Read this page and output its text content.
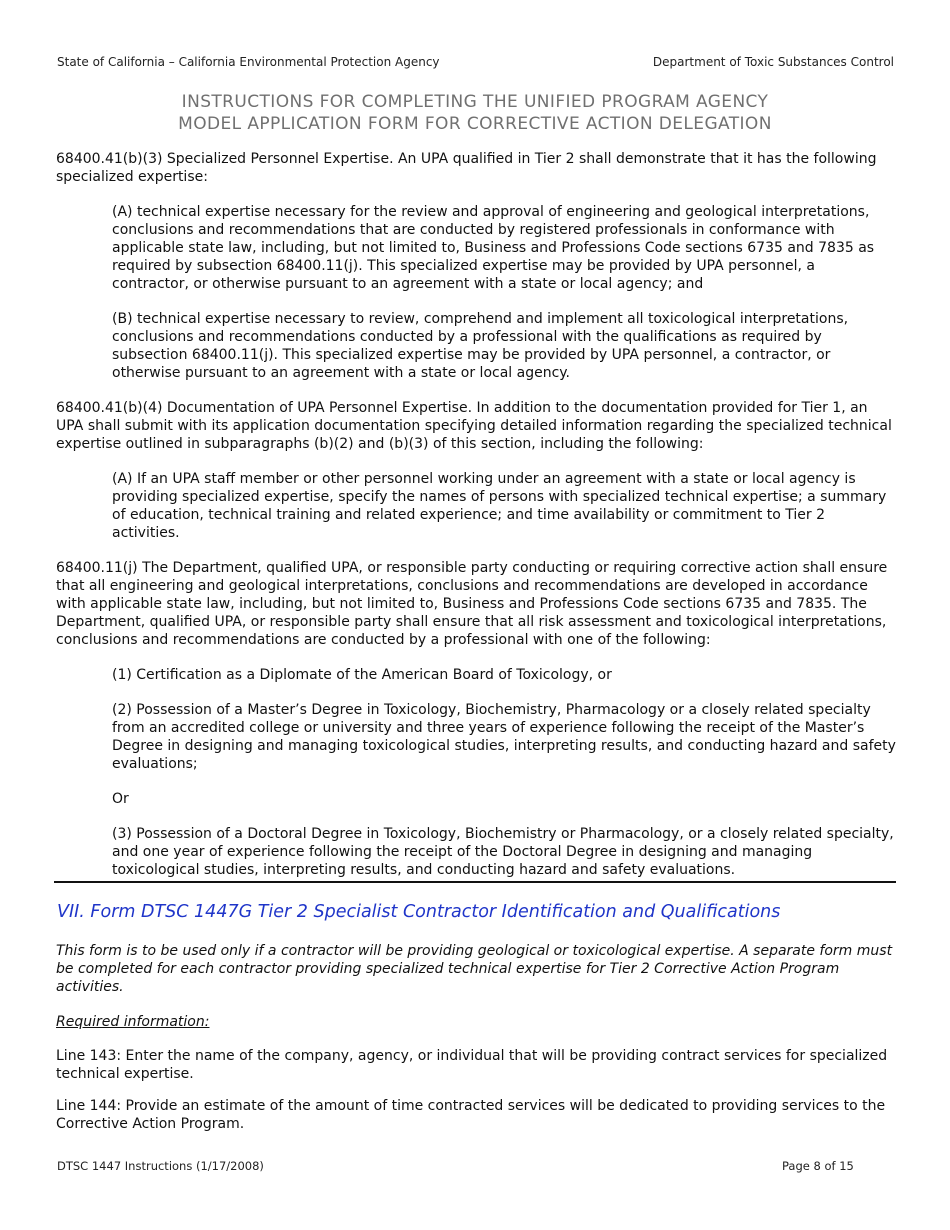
State of California – California Environmental Protection Agency	Department of Toxic Substances Control
INSTRUCTIONS FOR COMPLETING THE UNIFIED PROGRAM AGENCY
MODEL APPLICATION FORM FOR CORRECTIVE ACTION DELEGATION

68400.41(b)(3) Specialized Personnel Expertise. An UPA qualified in Tier 2 shall demonstrate that it has the following specialized expertise:

(A) technical expertise necessary for the review and approval of engineering and geological interpretations, conclusions and recommendations that are conducted by registered professionals in conformance with applicable state law, including, but not limited to, Business and Professions Code sections 6735 and 7835 as required by subsection 68400.11(j). This specialized expertise may be provided by UPA personnel, a contractor, or otherwise pursuant to an agreement with a state or local agency; and

(B) technical expertise necessary to review, comprehend and implement all toxicological interpretations, conclusions and recommendations conducted by a professional with the qualifications as required by subsection 68400.11(j). This specialized expertise may be provided by UPA personnel, a contractor, or otherwise pursuant to an agreement with a state or local agency.

68400.41(b)(4) Documentation of UPA Personnel Expertise. In addition to the documentation provided for Tier 1, an UPA shall submit with its application documentation specifying detailed information regarding the specialized technical expertise outlined in subparagraphs (b)(2) and (b)(3) of this section, including the following:

(A) If an UPA staff member or other personnel working under an agreement with a state or local agency is providing specialized expertise, specify the names of persons with specialized technical expertise; a summary of education, technical training and related experience; and time availability or commitment to Tier 2 activities.

68400.11(j) The Department, qualified UPA, or responsible party conducting or requiring corrective action shall ensure that all engineering and geological interpretations, conclusions and recommendations are developed in accordance with applicable state law, including, but not limited to, Business and Professions Code sections 6735 and 7835. The Department, qualified UPA, or responsible party shall ensure that all risk assessment and toxicological interpretations, conclusions and recommendations are conducted by a professional with one of the following:

(1) Certification as a Diplomate of the American Board of Toxicology, or

(2) Possession of a Master’s Degree in Toxicology, Biochemistry, Pharmacology or a closely related specialty from an accredited college or university and three years of experience following the receipt of the Master’s Degree in designing and managing toxicological studies, interpreting results, and conducting hazard and safety evaluations;

Or

(3) Possession of a Doctoral Degree in Toxicology, Biochemistry or Pharmacology, or a closely related specialty, and one year of experience following the receipt of the Doctoral Degree in designing and managing toxicological studies, interpreting results, and conducting hazard and safety evaluations.

VII. Form DTSC 1447G Tier 2 Specialist Contractor Identification and Qualifications

This form is to be used only if a contractor will be providing geological or toxicological expertise. A separate form must be completed for each contractor providing specialized technical expertise for Tier 2 Corrective Action Program activities.

Required information:

Line 143: Enter the name of the company, agency, or individual that will be providing contract services for specialized technical expertise.

Line 144: Provide an estimate of the amount of time contracted services will be dedicated to providing services to the Corrective Action Program.

DTSC 1447 Instructions (1/17/2008)	Page 8 of 15
